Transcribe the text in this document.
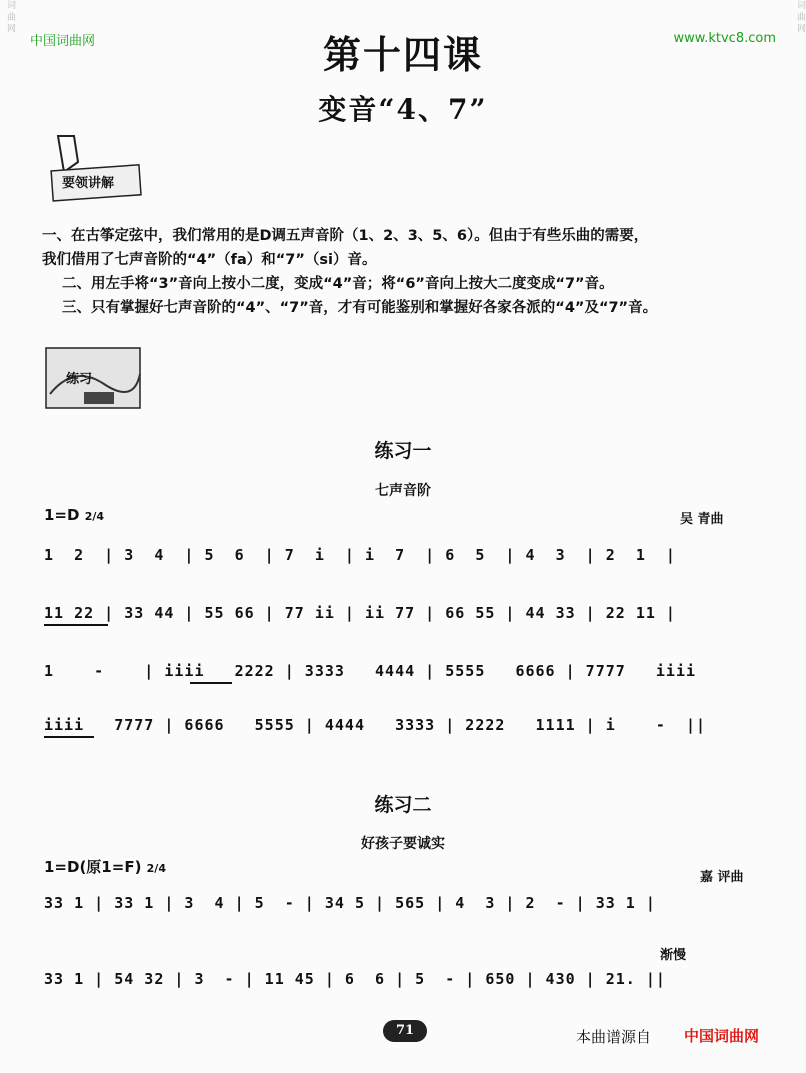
词 曲 网	词 曲 网
中国词曲网	www.ktvc8.com
第十四课
变音“4、7”
要领讲解
一、在古筝定弦中，我们常用的是D调五声音阶（1、2、3、5、6）。但由于有些乐曲的需要，
我们借用了七声音阶的“4”（fa）和“7”（si）音。
二、用左手将“3”音向上按小二度，变成“4”音；将“6”音向上按大二度变成“7”音。
三、只有掌握好七声音阶的“4”、“7”音，才有可能鉴别和掌握好各家各派的“4”及“7”音。
练习
练习一
七声音阶
1=D 2/4	吴 青曲
1  2  | 3  4  | 5  6  | 7  i  | i  7  | 6  5  | 4  3  | 2  1  |
11 22 | 33 44 | 55 66 | 77 ii | ii 77 | 66 55 | 44 33 | 22 11 |
1    -    | iiii   2222 | 3333   4444 | 5555   6666 | 7777   iiii
iiii   7777 | 6666   5555 | 4444   3333 | 2222   1111 | i    -  ||
练习二
好孩子要诚实
1=D(原1=F) 2/4
嘉 评曲
33 1 | 33 1 | 3  4 | 5  - | 34 5 | 565 | 4  3 | 2  - | 33 1 |
渐慢
33 1 | 54 32 | 3  - | 11 45 | 6  6 | 5  - | 650 | 430 | 21. ||
71	本曲谱源自 中国词曲网
